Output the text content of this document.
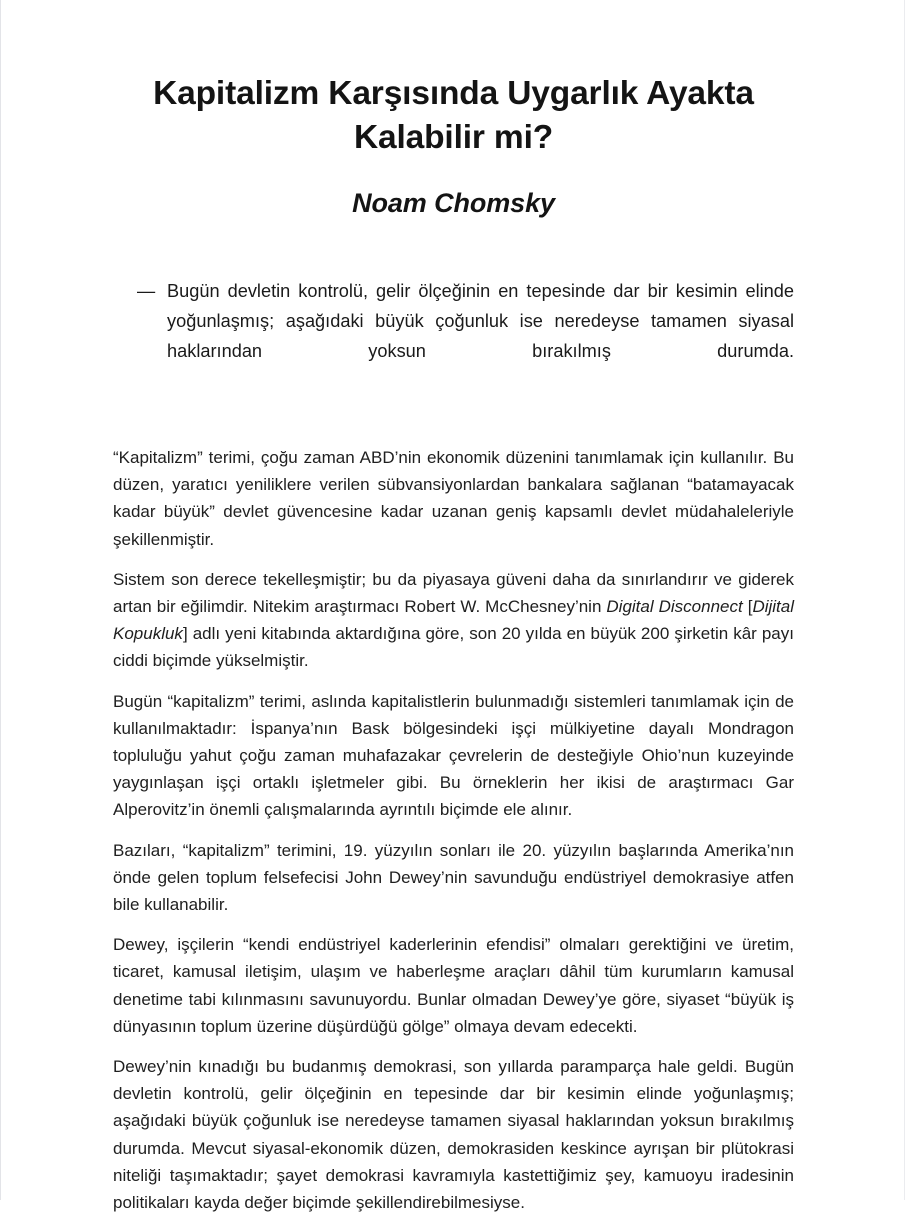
Kapitalizm Karşısında Uygarlık Ayakta
Kalabilir mi?

Noam Chomsky

— Bugün devletin kontrolü, gelir ölçeğinin en tepesinde dar bir kesimin elinde yoğunlaşmış; aşağıdaki büyük çoğunluk ise neredeyse tamamen siyasal haklarından yoksun bırakılmış durumda.

“Kapitalizm” terimi, çoğu zaman ABD’nin ekonomik düzenini tanımlamak için kullanılır. Bu düzen, yaratıcı yeniliklere verilen sübvansiyonlardan bankalara sağlanan “batamayacak kadar büyük” devlet güvencesine kadar uzanan geniş kapsamlı devlet müdahaleleriyle şekillenmiştir.

Sistem son derece tekelleşmiştir; bu da piyasaya güveni daha da sınırlandırır ve giderek artan bir eğilimdir. Nitekim araştırmacı Robert W. McChesney’nin Digital Disconnect [Dijital Kopukluk] adlı yeni kitabında aktardığına göre, son 20 yılda en büyük 200 şirketin kâr payı ciddi biçimde yükselmiştir.

Bugün “kapitalizm” terimi, aslında kapitalistlerin bulunmadığı sistemleri tanımlamak için de kullanılmaktadır: İspanya’nın Bask bölgesindeki işçi mülkiyetine dayalı Mondragon topluluğu yahut çoğu zaman muhafazakar çevrelerin de desteğiyle Ohio’nun kuzeyinde yaygınlaşan işçi ortaklı işletmeler gibi. Bu örneklerin her ikisi de araştırmacı Gar Alperovitz’in önemli çalışmalarında ayrıntılı biçimde ele alınır.

Bazıları, “kapitalizm” terimini, 19. yüzyılın sonları ile 20. yüzyılın başlarında Amerika’nın önde gelen toplum felsefecisi John Dewey’nin savunduğu endüstriyel demokrasiye atfen bile kullanabilir.

Dewey, işçilerin “kendi endüstriyel kaderlerinin efendisi” olmaları gerektiğini ve üretim, ticaret, kamusal iletişim, ulaşım ve haberleşme araçları dâhil tüm kurumların kamusal denetime tabi kılınmasını savunuyordu. Bunlar olmadan Dewey’ye göre, siyaset “büyük iş dünyasının toplum üzerine düşürdüğü gölge” olmaya devam edecekti.

Dewey’nin kınadığı bu budanmış demokrasi, son yıllarda paramparça hale geldi. Bugün devletin kontrolü, gelir ölçeğinin en tepesinde dar bir kesimin elinde yoğunlaşmış; aşağıdaki büyük çoğunluk ise neredeyse tamamen siyasal haklarından yoksun bırakılmış durumda. Mevcut siyasal-ekonomik düzen, demokrasiden keskince ayrışan bir plütokrasi niteliği taşımaktadır; şayet demokrasi kavramıyla kastettiğimiz şey, kamuoyu iradesinin politikaları kayda değer biçimde şekillendirebilmesiyse.
